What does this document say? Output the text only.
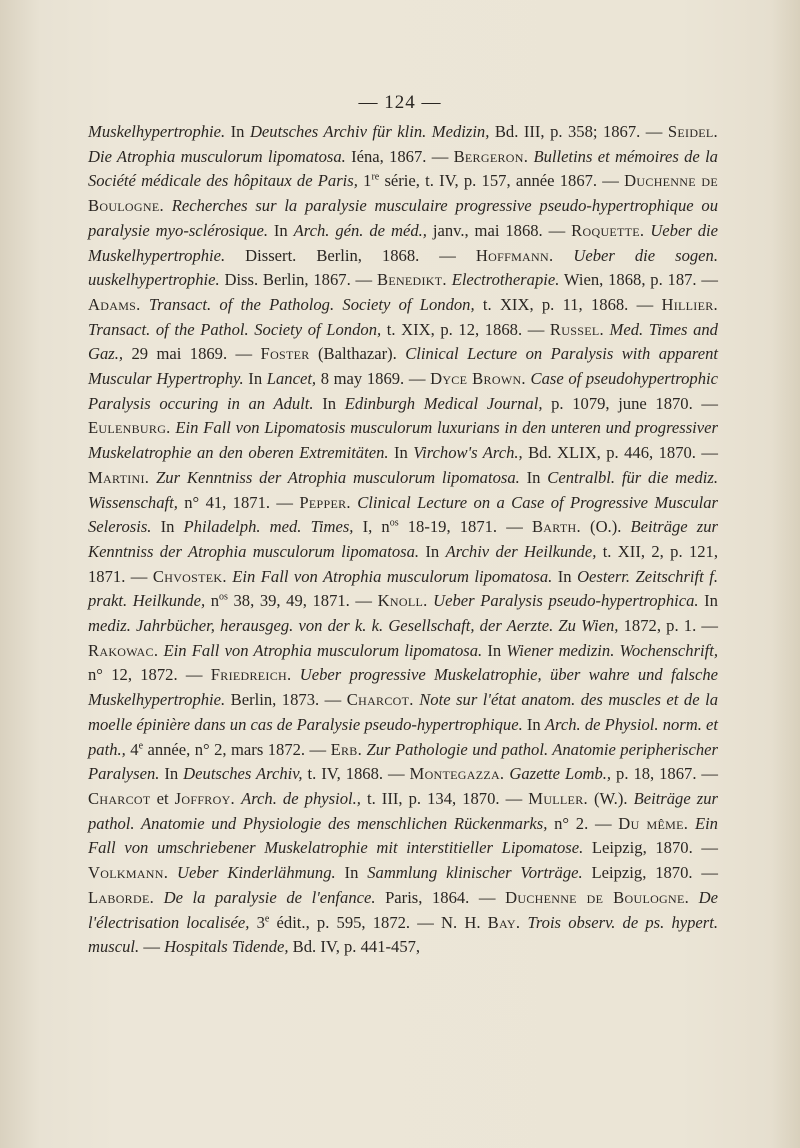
— 124 —

Muskelhypertrophie. In Deutsches Archiv für klin. Medizin, Bd. III, p. 358; 1867. — Seidel. Die Atrophia musculorum lipomatosa. Iéna, 1867. — Bergeron. Bulletins et mémoires de la Société médicale des hôpitaux de Paris, 1re série, t. IV, p. 157, année 1867. — Duchenne de Boulogne. Recherches sur la paralysie musculaire progressive pseudo-hypertrophique ou paralysie myo-sclérosique. In Arch. gén. de méd., janv., mai 1868. — Roquette. Ueber die Muskelhypertrophie. Dissert. Berlin, 1868. — Hoffmann. Ueber die sogen. uuskelhypertrophie. Diss. Berlin, 1867. — Benedikt. Electrotherapie. Wien, 1868, p. 187. — Adams. Transact. of the Patholog. Society of London, t. XIX, p. 11, 1868. — Hillier. Transact. of the Pathol. Society of London, t. XIX, p. 12, 1868. — Russel. Med. Times and Gaz., 29 mai 1869. — Foster (Balthazar). Clinical Lecture on Paralysis with apparent Muscular Hypertrophy. In Lancet, 8 may 1869. — Dyce Brown. Case of pseudohypertrophic Paralysis occuring in an Adult. In Edinburgh Medical Journal, p. 1079, june 1870. — Eulenburg. Ein Fall von Lipomatosis musculorum luxurians in den unteren und progressiver Muskelatrophie an den oberen Extremitäten. In Virchow's Arch., Bd. XLIX, p. 446, 1870. — Martini. Zur Kenntniss der Atrophia musculorum lipomatosa. In Centralbl. für die mediz. Wissenschaft, n° 41, 1871. — Pepper. Clinical Lecture on a Case of Progressive Muscular Selerosis. In Philadelph. med. Times, I, $n^{os}$ 18-19, 1871. — Barth. (O.). Beiträge zur Kenntniss der Atrophia musculorum lipomatosa. In Archiv der Heilkunde, t. XII, 2, p. 121, 1871. — Chvostek. Ein Fall von Atrophia musculorum lipomatosa. In Oesterr. Zeitschrift f. prakt. Heilkunde, $n^{os}$ 38, 39, 49, 1871. — Knoll. Ueber Paralysis pseudo-hypertrophica. In mediz. Jahrbücher, herausgeg. von der k. k. Gesellschaft, der Aerzte. Zu Wien, 1872, p. 1. — Rakowac. Ein Fall von Atrophia musculorum lipomatosa. In Wiener medizin. Wochenschrift, n° 12, 1872. — Friedreich. Ueber progressive Muskelatrophie, über wahre und falsche Muskelhypertrophie. Berlin, 1873. — Charcot. Note sur l'état anatom. des muscles et de la moelle épinière dans un cas de Paralysie pseudo-hypertrophique. In Arch. de Physiol. norm. et path., 4e année, n° 2, mars 1872. — Erb. Zur Pathologie und pathol. Anatomie peripherischer Paralysen. In Deutsches Archiv, t. IV, 1868. — Montegazza. Gazette Lomb., p. 18, 1867. — Charcot et Joffroy. Arch. de physiol., t. III, p. 134, 1870. — Muller. (W.). Beiträge zur pathol. Anatomie und Physiologie des menschlichen Rückenmarks, n° 2. — Du même. Ein Fall von umschriebener Muskelatrophie mit interstitieller Lipomatose. Leipzig, 1870. — Volkmann. Ueber Kinderlähmung. In Sammlung klinischer Vorträge. Leipzig, 1870. — Laborde. De la paralysie de l'enfance. Paris, 1864. — Duchenne de Boulogne. De l'électrisation localisée, 3e édit., p. 595, 1872. — N. H. Bay. Trois observ. de ps. hypert. muscul. — Hospitals Tidende, Bd. IV, p. 441-457,
